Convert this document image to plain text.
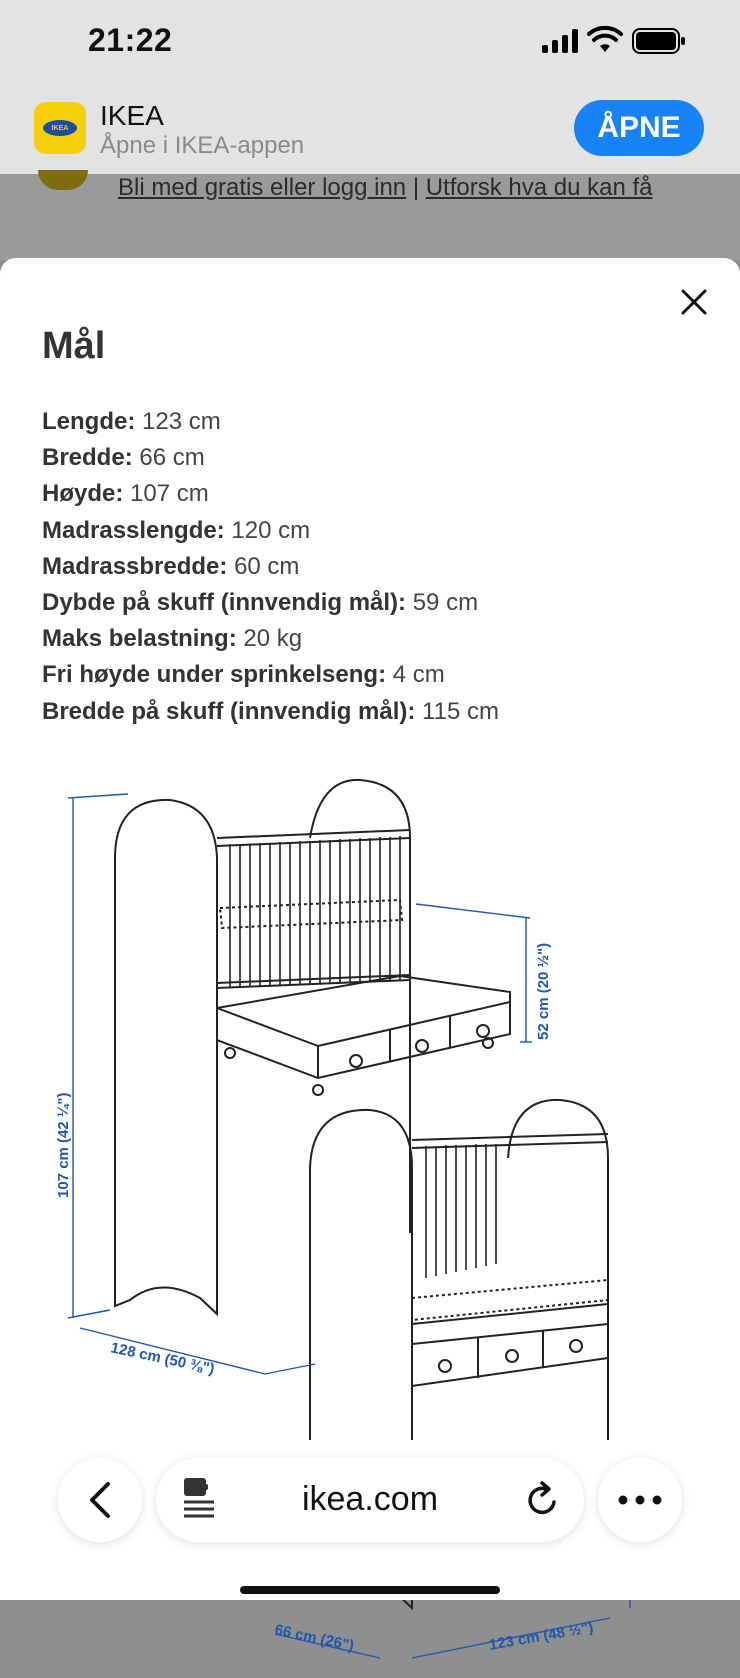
21:22
IKEA	IKEA
Åpne i IKEA-appen
ÅPNE
Bli med gratis eller logg inn | Utforsk hva du kan få
Mål
Lengde: 123 cm
Bredde: 66 cm
Høyde: 107 cm
Madrasslengde: 120 cm
Madrassbredde: 60 cm
Dybde på skuff (innvendig mål): 59 cm
Maks belastning: 20 kg
Fri høyde under sprinkelseng: 4 cm
Bredde på skuff (innvendig mål): 115 cm
107 cm (42 ¼")
128 cm (50 ⅜")
52 cm (20 ½")
66 cm (26")	123 cm (48 ½")
ikea.com
